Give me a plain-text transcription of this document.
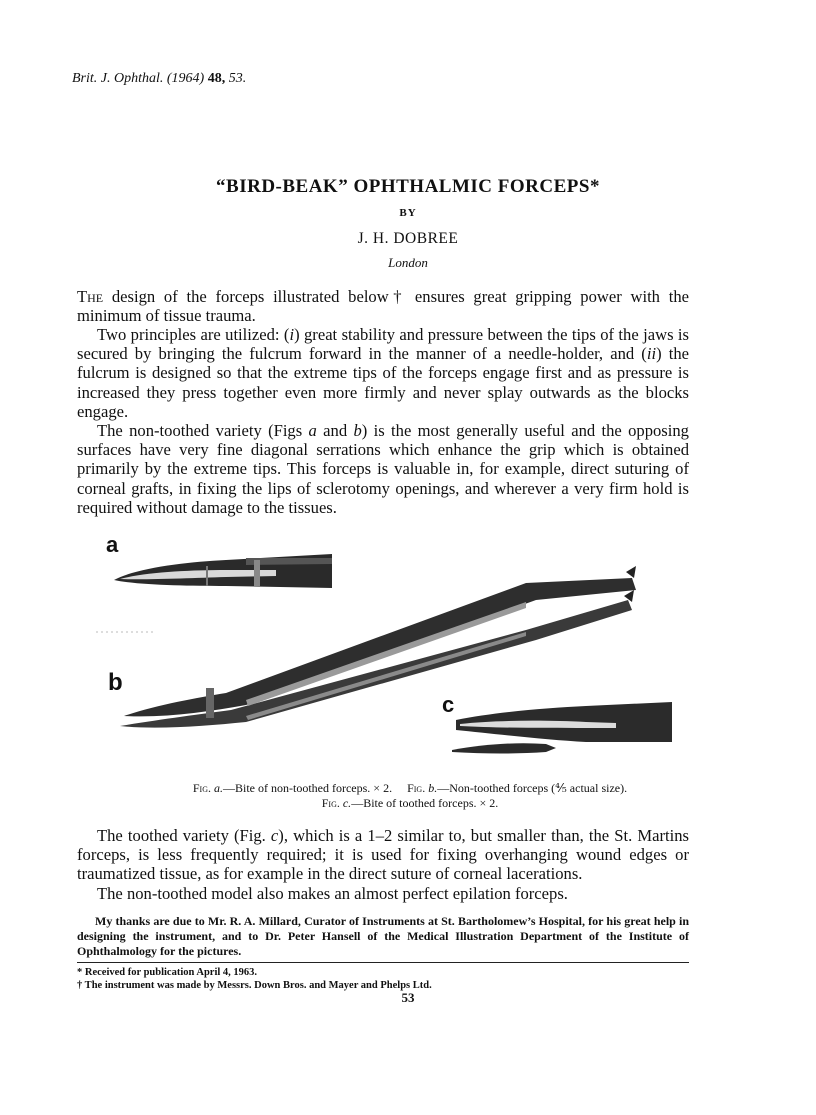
Brit. J. Ophthal. (1964) 48, 53.
“BIRD-BEAK” OPHTHALMIC FORCEPS*
BY
J. H. DOBREE
London

The design of the forceps illustrated below† ensures great gripping power with the minimum of tissue trauma.

Two principles are utilized: (i) great stability and pressure between the tips of the jaws is secured by bringing the fulcrum forward in the manner of a needle-holder, and (ii) the fulcrum is designed so that the extreme tips of the forceps engage first and as pressure is increased they press together even more firmly and never splay outwards as the blocks engage.

The non-toothed variety (Figs a and b) is the most generally useful and the opposing surfaces have very fine diagonal serrations which enhance the grip which is obtained primarily by the extreme tips. This forceps is valuable in, for example, direct suturing of corneal grafts, in fixing the lips of sclerotomy openings, and wherever a very firm hold is required without damage to the tissues.

a
b
c
Fig. a.—Bite of non-toothed forceps. × 2. Fig. b.—Non-toothed forceps (⅘ actual size).
Fig. c.—Bite of toothed forceps. × 2.

The toothed variety (Fig. c), which is a 1–2 similar to, but smaller than, the St. Martins forceps, is less frequently required; it is used for fixing overhanging wound edges or traumatized tissue, as for example in the direct suture of corneal lacerations.

The non-toothed model also makes an almost perfect epilation forceps.

My thanks are due to Mr. R. A. Millard, Curator of Instruments at St. Bartholomew’s Hospital, for his great help in designing the instrument, and to Dr. Peter Hansell of the Medical Illustration Department of the Institute of Ophthalmology for the pictures.
* Received for publication April 4, 1963.
† The instrument was made by Messrs. Down Bros. and Mayer and Phelps Ltd.
53
